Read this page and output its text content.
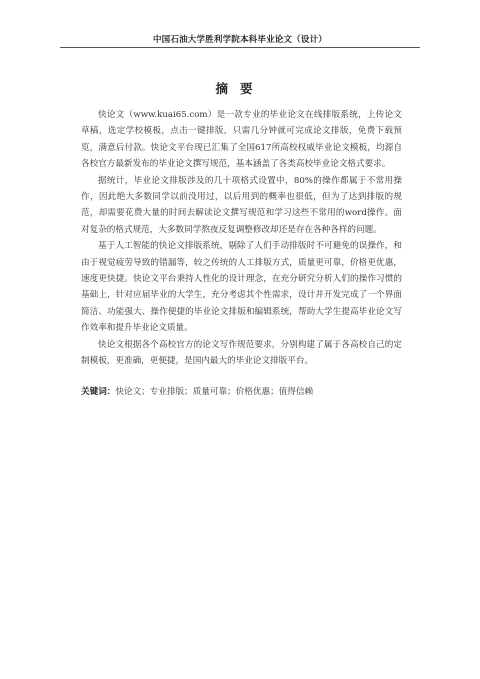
中国石油大学胜利学院本科毕业论文（设计）
摘要

快论文（www.kuai65.com）是一款专业的毕业论文在线排版系统，上传论文草稿，选定学校模板，点击一键排版，只需几分钟就可完成论文排版，免费下载预览，满意后付款。快论文平台现已汇集了全国617所高校权威毕业论文模板，均源自各校官方最新发布的毕业论文撰写规范，基本涵盖了各类高校毕业论文格式要求。

据统计，毕业论文排版涉及的几十项格式设置中，80%的操作都属于不常用操作，因此绝大多数同学以前没用过，以后用到的概率也很低，但为了达到排版的规范，却需要花费大量的时间去解读论文撰写规范和学习这些不常用的word操作。面对复杂的格式规范，大多数同学熬夜反复调整修改却还是存在各种各样的问题。

基于人工智能的快论文排版系统，剔除了人们手动排版时不可避免的误操作，和由于视觉疲劳导致的错漏等，较之传统的人工排版方式，质量更可靠，价格更优惠，速度更快捷。快论文平台秉持人性化的设计理念，在充分研究分析人们的操作习惯的基础上，针对应届毕业的大学生，充分考虑其个性需求，设计并开发完成了一个界面简洁、功能强大、操作便捷的毕业论文排版和编辑系统，帮助大学生提高毕业论文写作效率和提升毕业论文质量。

快论文根据各个高校官方的论文写作规范要求，分别构建了属于各高校自己的定制模板，更准确，更便捷，是国内最大的毕业论文排版平台。

关键词：快论文；专业排版；质量可靠；价格优惠；值得信赖
